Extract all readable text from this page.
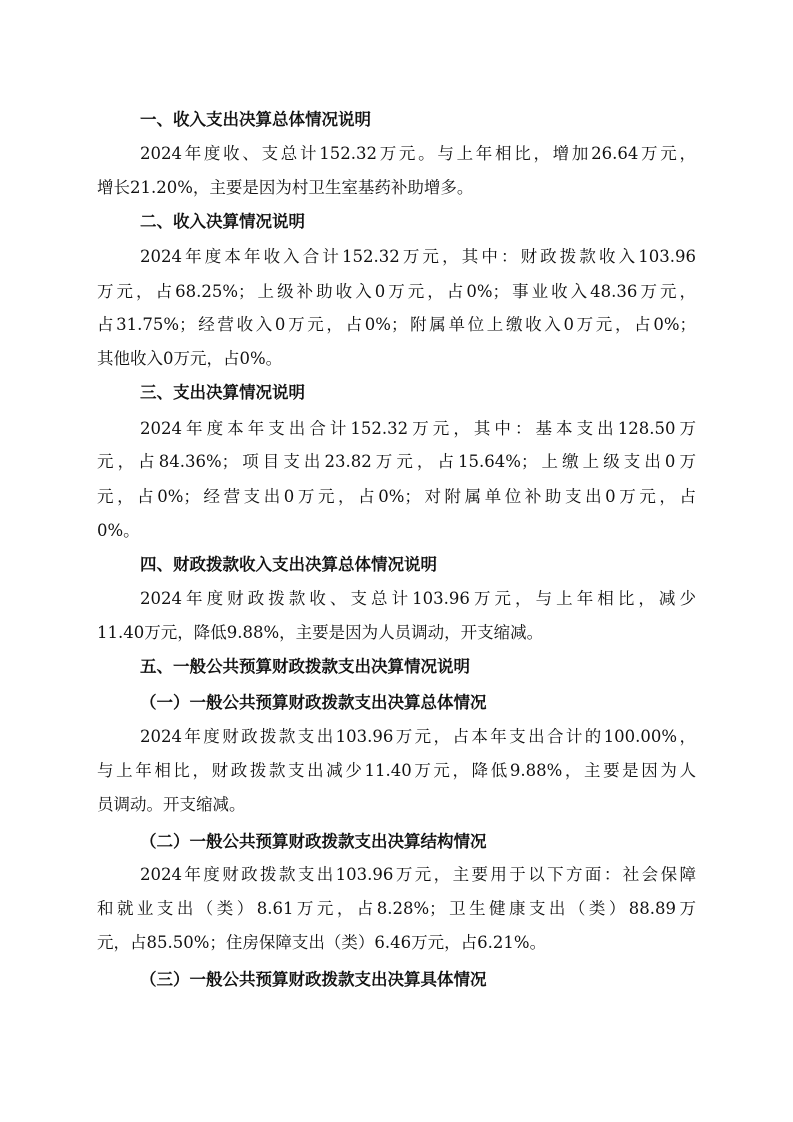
一、收入支出决算总体情况说明
2024年度收、支总计152.32万元。与上年相比，增加26.64万元，
增长21.20%，主要是因为村卫生室基药补助增多。
二、收入决算情况说明
2024年度本年收入合计152.32万元，其中：财政拨款收入103.96
万元，占68.25%；上级补助收入0万元，占0%；事业收入48.36万元，
占31.75%；经营收入0万元，占0%；附属单位上缴收入0万元，占0%；
其他收入0万元，占0%。
三、支出决算情况说明
2024年度本年支出合计152.32万元，其中：基本支出128.50万
元，占84.36%；项目支出23.82万元，占15.64%；上缴上级支出0万
元，占0%；经营支出0万元，占0%；对附属单位补助支出0万元，占
0%。
四、财政拨款收入支出决算总体情况说明
2024年度财政拨款收、支总计103.96万元，与上年相比，减少
11.40万元，降低9.88%，主要是因为人员调动，开支缩减。
五、一般公共预算财政拨款支出决算情况说明
（一）一般公共预算财政拨款支出决算总体情况
2024年度财政拨款支出103.96万元，占本年支出合计的100.00%，
与上年相比，财政拨款支出减少11.40万元，降低9.88%，主要是因为人
员调动。开支缩减。
（二）一般公共预算财政拨款支出决算结构情况
2024年度财政拨款支出103.96万元，主要用于以下方面：社会保障
和就业支出（类）8.61万元，占8.28%；卫生健康支出（类）88.89万
元，占85.50%；住房保障支出（类）6.46万元，占6.21%。
（三）一般公共预算财政拨款支出决算具体情况
